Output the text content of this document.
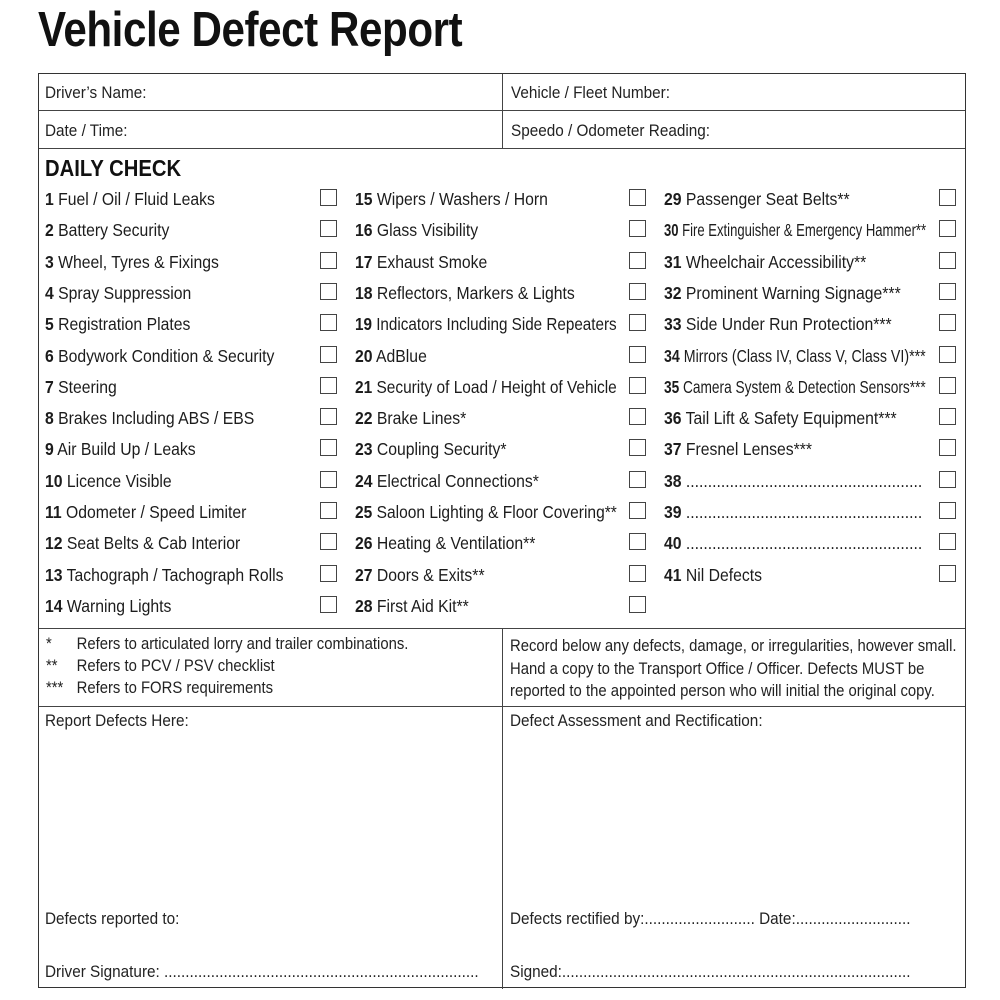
Vehicle Defect Report
Driver’s Name:	Vehicle / Fleet Number:
Date / Time:	Speedo / Odometer Reading:
DAILY CHECK
1 Fuel / Oil / Fluid Leaks
2 Battery Security
3 Wheel, Tyres & Fixings
4 Spray Suppression
5 Registration Plates
6 Bodywork Condition & Security
7 Steering
8 Brakes Including ABS / EBS
9 Air Build Up / Leaks
10 Licence Visible
11 Odometer / Speed Limiter
12 Seat Belts & Cab Interior
13 Tachograph / Tachograph Rolls
14 Warning Lights
15 Wipers / Washers / Horn
16 Glass Visibility
17 Exhaust Smoke
18 Reflectors, Markers & Lights
19 Indicators Including Side Repeaters
20 AdBlue
21 Security of Load / Height of Vehicle
22 Brake Lines*
23 Coupling Security*
24 Electrical Connections*
25 Saloon Lighting & Floor Covering**
26 Heating & Ventilation**
27 Doors & Exits**
28 First Aid Kit**
29 Passenger Seat Belts**
30 Fire Extinguisher & Emergency Hammer**
31 Wheelchair Accessibility**
32 Prominent Warning Signage***
33 Side Under Run Protection***
34 Mirrors (Class IV, Class V, Class VI)***
35 Camera System & Detection Sensors***
36 Tail Lift & Safety Equipment***
37 Fresnel Lenses***
38 ......................................................
39 ......................................................
40 ......................................................
41 Nil Defects
* Refers to articulated lorry and trailer combinations.
** Refers to PCV / PSV checklist
*** Refers to FORS requirements
Record below any defects, damage, or irregularities, however small.
Hand a copy to the Transport Office / Officer. Defects MUST be
reported to the appointed person who will initial the original copy.
Report Defects Here:	Defect Assessment and Rectification:
Defects reported to:	Defects rectified by:.......................... Date:...........................
Driver Signature: .......................................................................... Signed:..................................................................................
